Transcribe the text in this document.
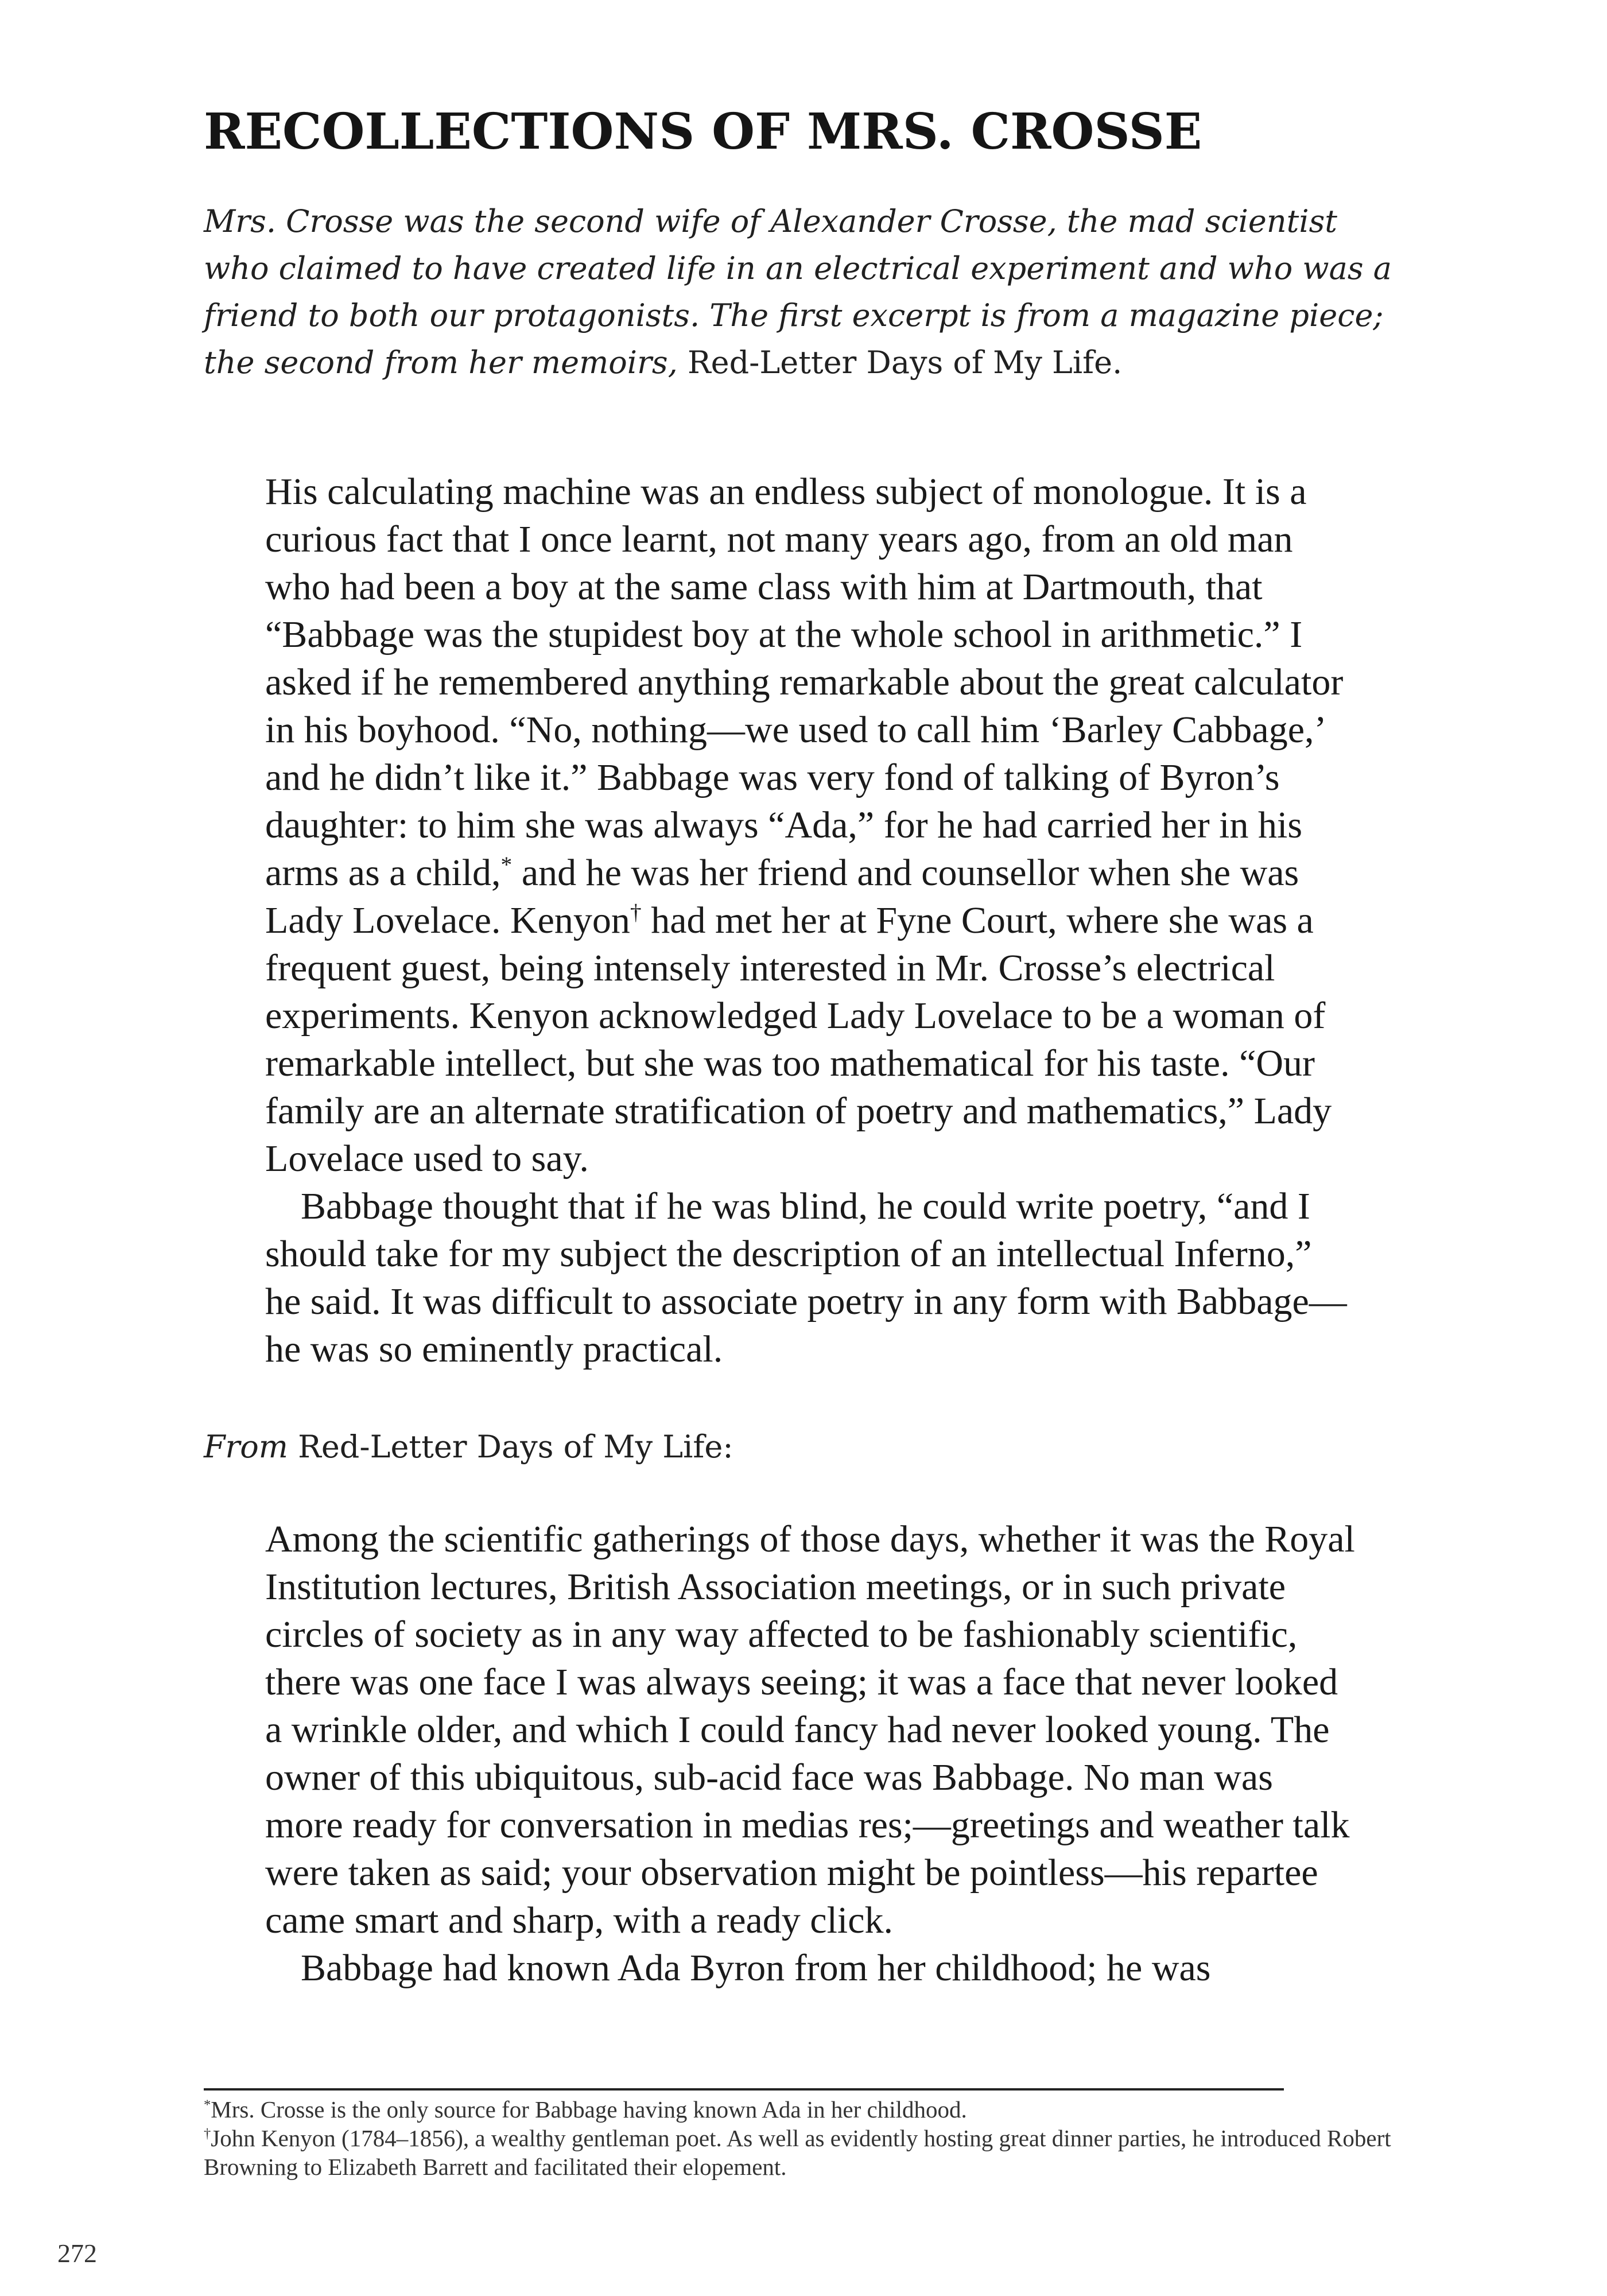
RECOLLECTIONS OF MRS. CROSSE

Mrs. Crosse was the second wife of Alexander Crosse, the mad scientist who claimed to have created life in an electrical experiment and who was a friend to both our protagonists. The first excerpt is from a magazine piece; the second from her memoirs, Red-Letter Days of My Life.

His calculating machine was an endless subject of monologue. It is a curious fact that I once learnt, not many years ago, from an old man who had been a boy at the same class with him at Dartmouth, that “Babbage was the stupidest boy at the whole school in arithmetic.” I asked if he remembered anything remarkable about the great calculator in his boyhood. “No, nothing—we used to call him ‘Barley Cabbage,’ and he didn’t like it.” Babbage was very fond of talking of Byron’s daughter: to him she was always “Ada,” for he had carried her in his arms as a child,* and he was her friend and counsellor when she was Lady Lovelace. Kenyon† had met her at Fyne Court, where she was a frequent guest, being intensely interested in Mr. Crosse’s electrical experiments. Kenyon acknowledged Lady Lovelace to be a woman of remarkable intellect, but she was too mathematical for his taste. “Our family are an alternate stratification of poetry and mathematics,” Lady Lovelace used to say.

Babbage thought that if he was blind, he could write poetry, “and I should take for my subject the description of an intellectual Inferno,” he said. It was difficult to associate poetry in any form with Babbage—he was so eminently practical.

From Red-Letter Days of My Life:

Among the scientific gatherings of those days, whether it was the Royal Institution lectures, British Association meetings, or in such private circles of society as in any way affected to be fashionably scientific, there was one face I was always seeing; it was a face that never looked a wrinkle older, and which I could fancy had never looked young. The owner of this ubiquitous, sub-acid face was Babbage. No man was more ready for conversation in medias res;—greetings and weather talk were taken as said; your observation might be pointless—his repartee came smart and sharp, with a ready click.

Babbage had known Ada Byron from her childhood; he was

*Mrs. Crosse is the only source for Babbage having known Ada in her childhood.

†John Kenyon (1784–1856), a wealthy gentleman poet. As well as evidently hosting great dinner parties, he introduced Robert Browning to Elizabeth Barrett and facilitated their elopement.

272
